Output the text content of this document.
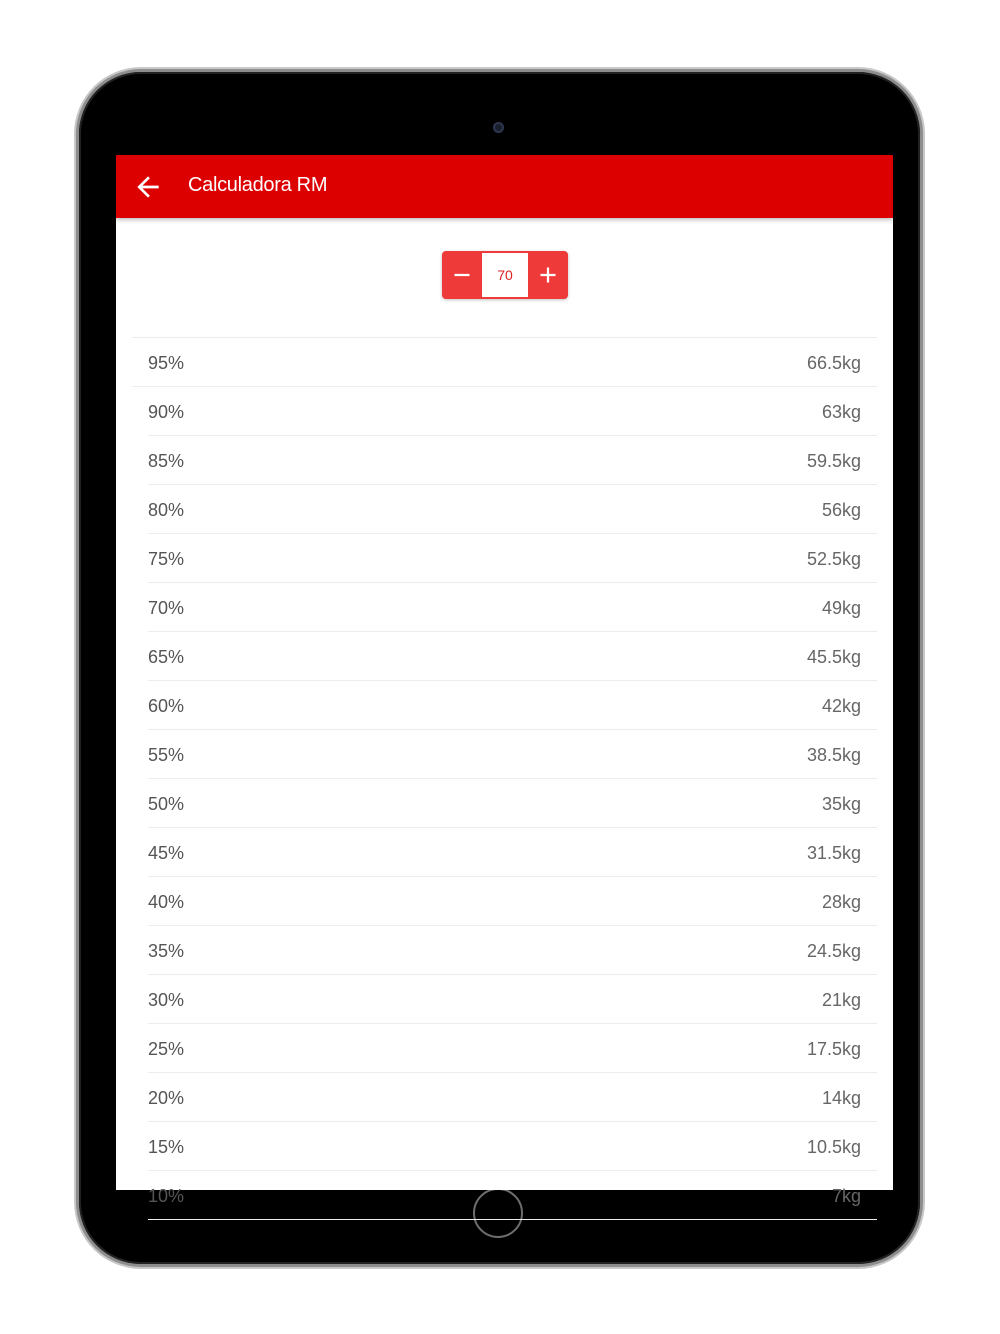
Calculadora RM
70
95%	66.5kg
90%	63kg
85%	59.5kg
80%	56kg
75%	52.5kg
70%	49kg
65%	45.5kg
60%	42kg
55%	38.5kg
50%	35kg
45%	31.5kg
40%	28kg
35%	24.5kg
30%	21kg
25%	17.5kg
20%	14kg
15%	10.5kg
10%	7kg
